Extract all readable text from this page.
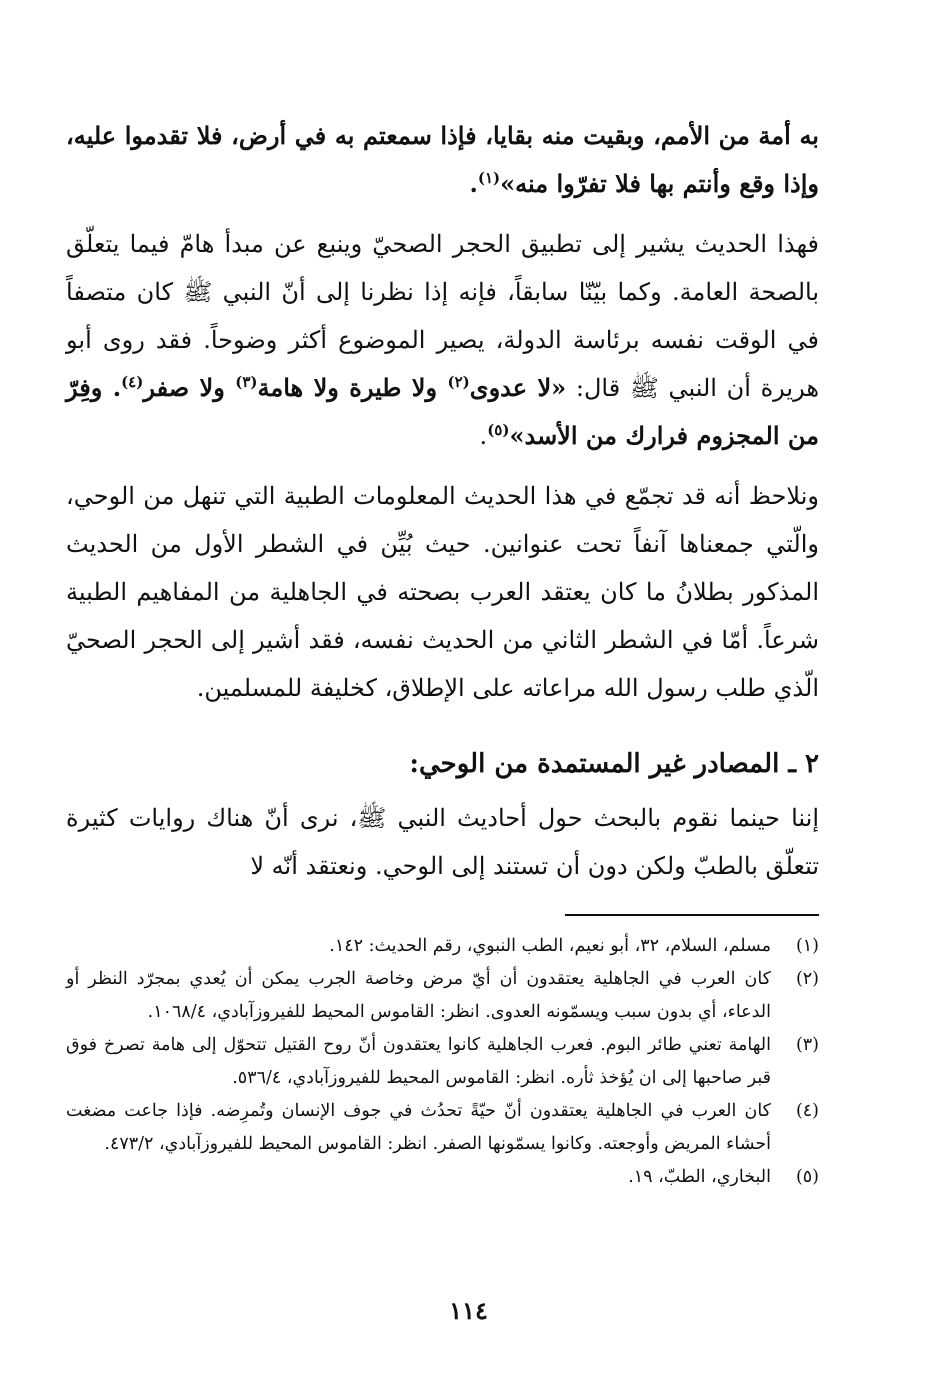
به أمة من الأمم، وبقيت منه بقايا، فإذا سمعتم به في أرض، فلا تقدموا عليه، وإذا وقع وأنتم بها فلا تفرّوا منه»$^{(١)}$.

فهذا الحديث يشير إلى تطبيق الحجر الصحيّ وينبع عن مبدأ هامّ فيما يتعلّق بالصحة العامة. وكما بيّنّا سابقاً، فإنه إذا نظرنا إلى أنّ النبي ﷺ كان متصفاً في الوقت نفسه برئاسة الدولة، يصير الموضوع أكثر وضوحاً. فقد روى أبو هريرة أن النبي ﷺ قال: «لا عدوى$^{(٢)}$ ولا طيرة ولا هامة$^{(٣)}$ ولا صفر$^{(٤)}$. وفِرّ من المجزوم فرارك من الأسد»$^{(٥)}$.

ونلاحظ أنه قد تجمّع في هذا الحديث المعلومات الطبية التي تنهل من الوحي، والّتي جمعناها آنفاً تحت عنوانين. حيث بُيِّن في الشطر الأول من الحديث المذكور بطلانُ ما كان يعتقد العرب بصحته في الجاهلية من المفاهيم الطبية شرعاً. أمّا في الشطر الثاني من الحديث نفسه، فقد أشير إلى الحجر الصحيّ الّذي طلب رسول الله مراعاته على الإطلاق، كخليفة للمسلمين.

٢ ـ المصادر غير المستمدة من الوحي:

إننا حينما نقوم بالبحث حول أحاديث النبي ﷺ، نرى أنّ هناك روايات كثيرة تتعلّق بالطبّ ولكن دون أن تستند إلى الوحي. ونعتقد أنّه لا

(١)
مسلم، السلام، ٣٢، أبو نعيم، الطب النبوي، رقم الحديث: ١٤٢.
(٢)
كان العرب في الجاهلية يعتقدون أن أيّ مرض وخاصة الجرب يمكن أن يُعدي بمجرّد النظر أو الدعاء، أي بدون سبب ويسمّونه العدوى. انظر: القاموس المحيط للفيروزآبادي، ١٠٦٨/٤.
(٣)
الهامة تعني طائر البوم. فعرب الجاهلية كانوا يعتقدون أنّ روح القتيل تتحوّل إلى هامة تصرخ فوق قبر صاحبها إلى ان يُؤخذ ثأره. انظر: القاموس المحيط للفيروزآبادي، ٥٣٦/٤.
(٤)
كان العرب في الجاهلية يعتقدون أنّ حيّةً تحدُث في جوف الإنسان وتُمرِضه. فإذا جاعت مضغت أحشاء المريض وأوجعته. وكانوا يسمّونها الصفر. انظر: القاموس المحيط للفيروزآبادي، ٤٧٣/٢.
(٥)
البخاري، الطبّ، ١٩.
١١٤
